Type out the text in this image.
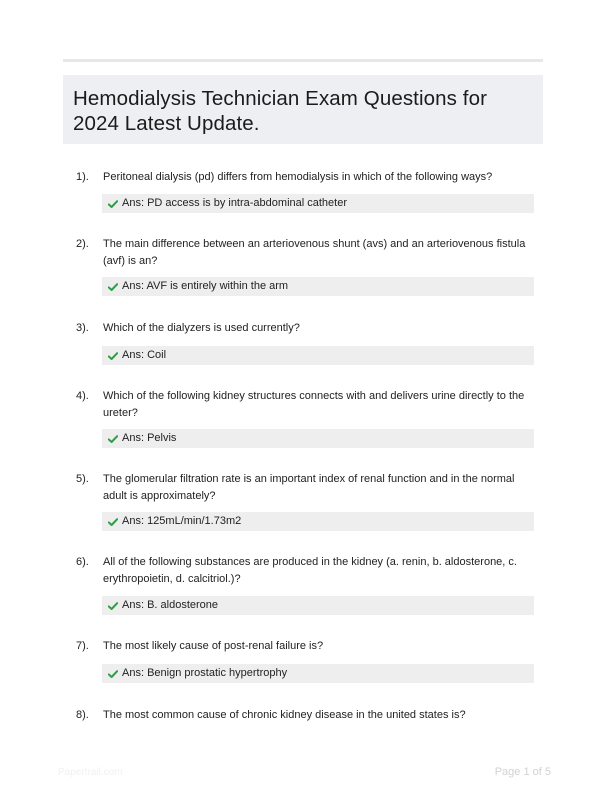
Hemodialysis Technician Exam Questions for 2024 Latest Update.
1). Peritoneal dialysis (pd) differs from hemodialysis in which of the following ways?
Ans: PD access is by intra-abdominal catheter
2). The main difference between an arteriovenous shunt (avs) and an arteriovenous fistula (avf) is an?
Ans: AVF is entirely within the arm
3). Which of the dialyzers is used currently?
Ans: Coil
4). Which of the following kidney structures connects with and delivers urine directly to the ureter?
Ans: Pelvis
5). The glomerular filtration rate is an important index of renal function and in the normal adult is approximately?
Ans: 125mL/min/1.73m2
6). All of the following substances are produced in the kidney (a. renin, b. aldosterone, c. erythropoietin, d. calcitriol.)?
Ans: B. aldosterone
7). The most likely cause of post-renal failure is?
Ans: Benign prostatic hypertrophy
8). The most common cause of chronic kidney disease in the united states is?
Papertrail.com	Page 1 of 5
